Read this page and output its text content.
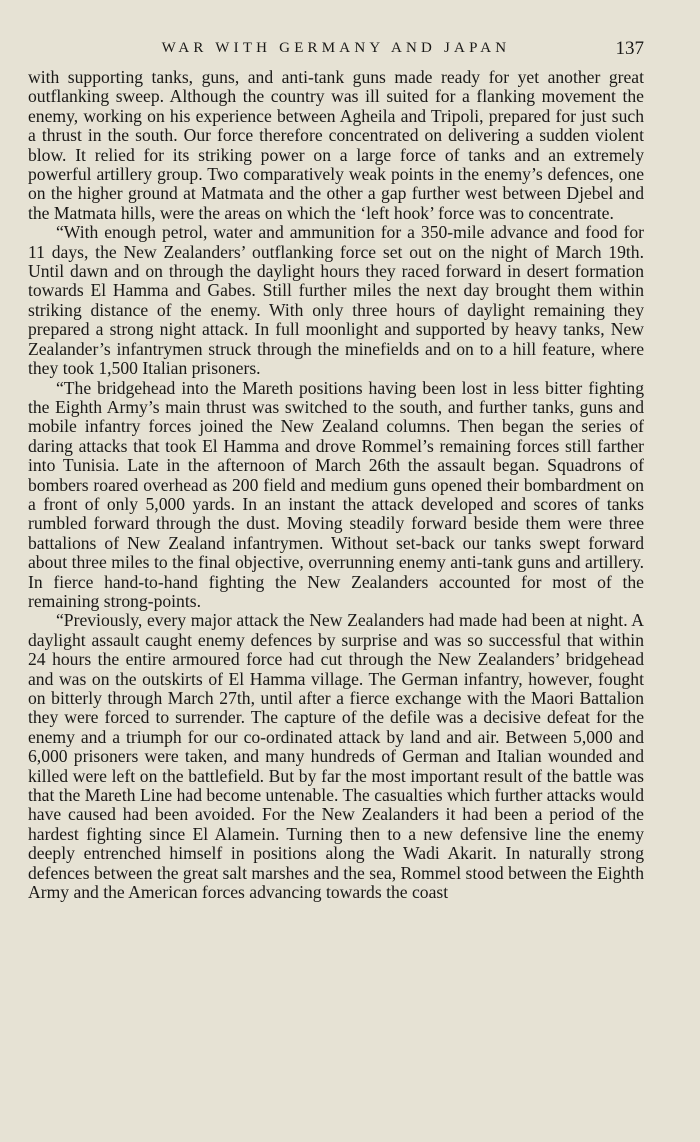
WAR WITH GERMANY AND JAPAN	137

with supporting tanks, guns, and anti-tank guns made ready for yet another great outflanking sweep. Although the country was ill suited for a flanking movement the enemy, working on his experience between Agheila and Tripoli, prepared for just such a thrust in the south. Our force therefore concentrated on delivering a sudden violent blow. It relied for its striking power on a large force of tanks and an extremely powerful artillery group. Two comparatively weak points in the enemy’s defences, one on the higher ground at Matmata and the other a gap further west between Djebel and the Matmata hills, were the areas on which the ‘left hook’ force was to concentrate.

“With enough petrol, water and ammunition for a 350-mile advance and food for 11 days, the New Zealanders’ outflanking force set out on the night of March 19th. Until dawn and on through the daylight hours they raced forward in desert formation towards El Hamma and Gabes. Still further miles the next day brought them within striking distance of the enemy. With only three hours of daylight remaining they prepared a strong night attack. In full moonlight and supported by heavy tanks, New Zealander’s infantrymen struck through the minefields and on to a hill feature, where they took 1,500 Italian prisoners.

“The bridgehead into the Mareth positions having been lost in less bitter fighting the Eighth Army’s main thrust was switched to the south, and further tanks, guns and mobile infantry forces joined the New Zealand columns. Then began the series of daring attacks that took El Hamma and drove Rommel’s remaining forces still farther into Tunisia. Late in the afternoon of March 26th the assault began. Squadrons of bombers roared overhead as 200 field and medium guns opened their bombardment on a front of only 5,000 yards. In an instant the attack developed and scores of tanks rumbled forward through the dust. Moving steadily forward beside them were three battalions of New Zealand infantrymen. Without set-back our tanks swept forward about three miles to the final objective, overrunning enemy anti-tank guns and artillery. In fierce hand-to-hand fighting the New Zealanders accounted for most of the remaining strong-points.

“Previously, every major attack the New Zealanders had made had been at night. A daylight assault caught enemy defences by surprise and was so successful that within 24 hours the entire armoured force had cut through the New Zealanders’ bridgehead and was on the outskirts of El Hamma village. The German infantry, however, fought on bitterly through March 27th, until after a fierce exchange with the Maori Battalion they were forced to surrender. The capture of the defile was a decisive defeat for the enemy and a triumph for our co-ordinated attack by land and air. Between 5,000 and 6,000 prisoners were taken, and many hundreds of German and Italian wounded and killed were left on the battlefield. But by far the most important result of the battle was that the Mareth Line had become untenable. The casualties which further attacks would have caused had been avoided. For the New Zealanders it had been a period of the hardest fighting since El Alamein. Turning then to a new defensive line the enemy deeply entrenched himself in positions along the Wadi Akarit. In naturally strong defences between the great salt marshes and the sea, Rommel stood between the Eighth Army and the American forces advancing towards the coast
